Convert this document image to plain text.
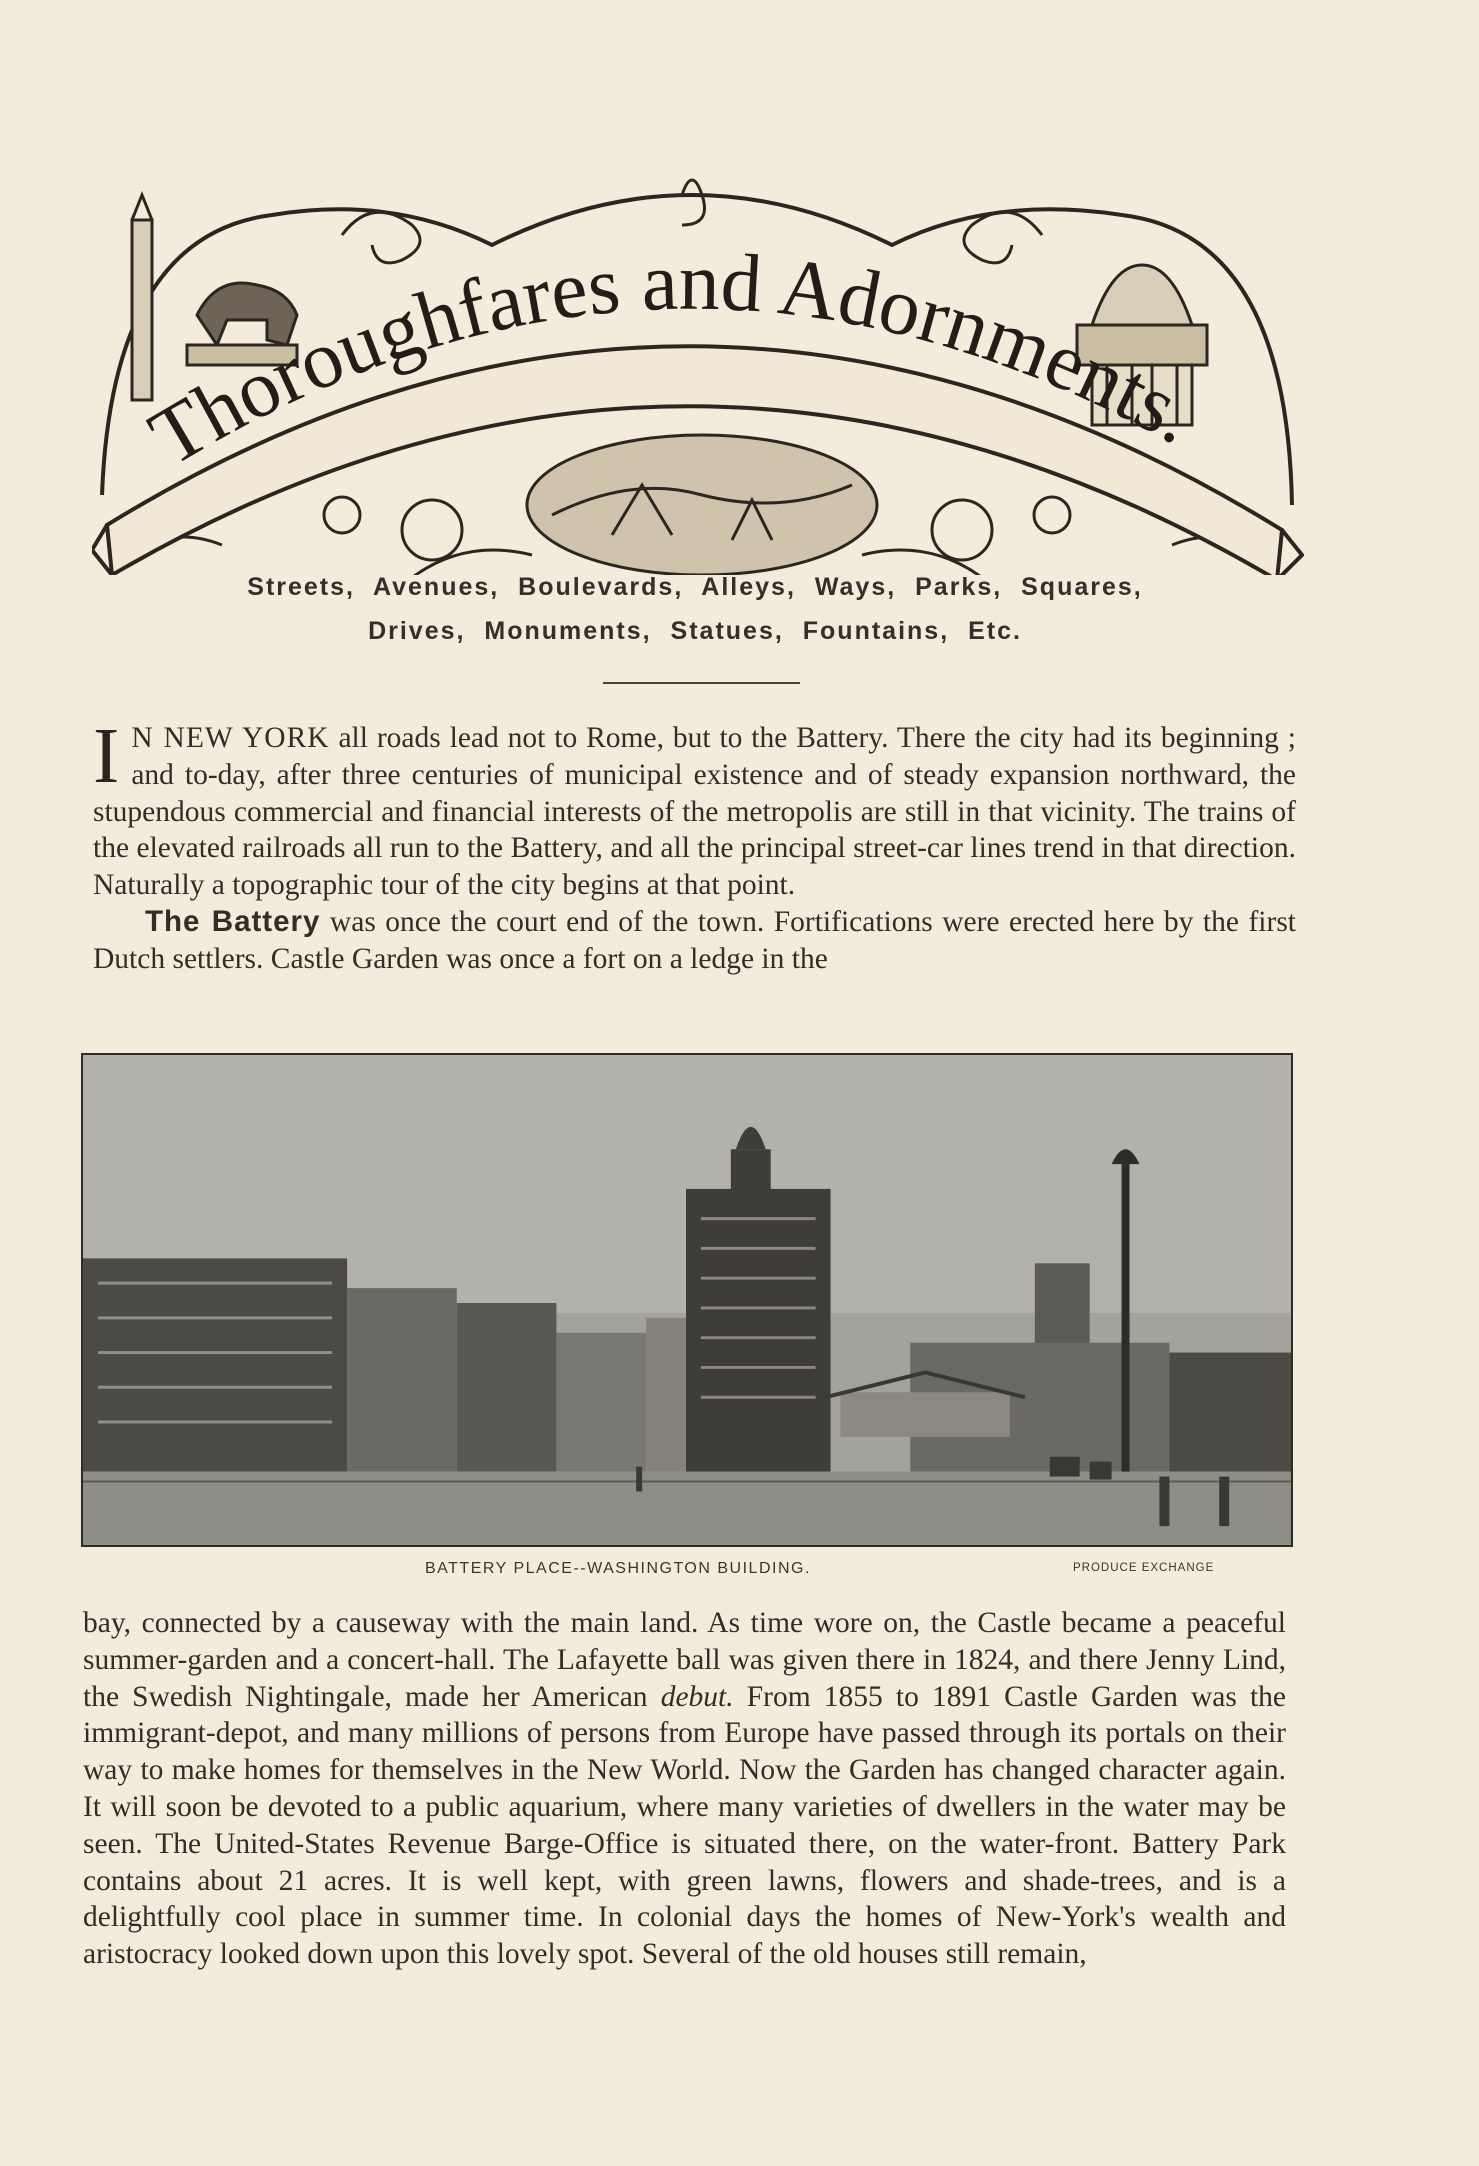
Thoroughfares and Adornments.
Streets, Avenues, Boulevards, Alleys, Ways, Parks, Squares,
Drives, Monuments, Statues, Fountains, Etc.
I N NEW YORK all roads lead not to Rome, but to the Battery. There the city had its beginning ; and to-day, after three centuries of municipal existence and of steady expansion northward, the stupendous commercial and financial interests of the metropolis are still in that vicinity. The trains of the elevated railroads all run to the Battery, and all the principal street-car lines trend in that direction. Naturally a topographic tour of the city begins at that point.
The Battery was once the court end of the town. Fortifications were erected here by the first Dutch settlers. Castle Garden was once a fort on a ledge in the
BATTERY PLACE--WASHINGTON BUILDING.	PRODUCE EXCHANGE
bay, connected by a causeway with the main land. As time wore on, the Castle became a peaceful summer-garden and a concert-hall. The Lafayette ball was given there in 1824, and there Jenny Lind, the Swedish Nightingale, made her American debut. From 1855 to 1891 Castle Garden was the immigrant-depot, and many millions of persons from Europe have passed through its portals on their way to make homes for themselves in the New World. Now the Garden has changed character again. It will soon be devoted to a public aquarium, where many varieties of dwellers in the water may be seen. The United-States Revenue Barge-Office is situated there, on the water-front. Battery Park contains about 21 acres. It is well kept, with green lawns, flowers and shade-trees, and is a delightfully cool place in summer time. In colonial days the homes of New-York's wealth and aristocracy looked down upon this lovely spot. Several of the old houses still remain,
